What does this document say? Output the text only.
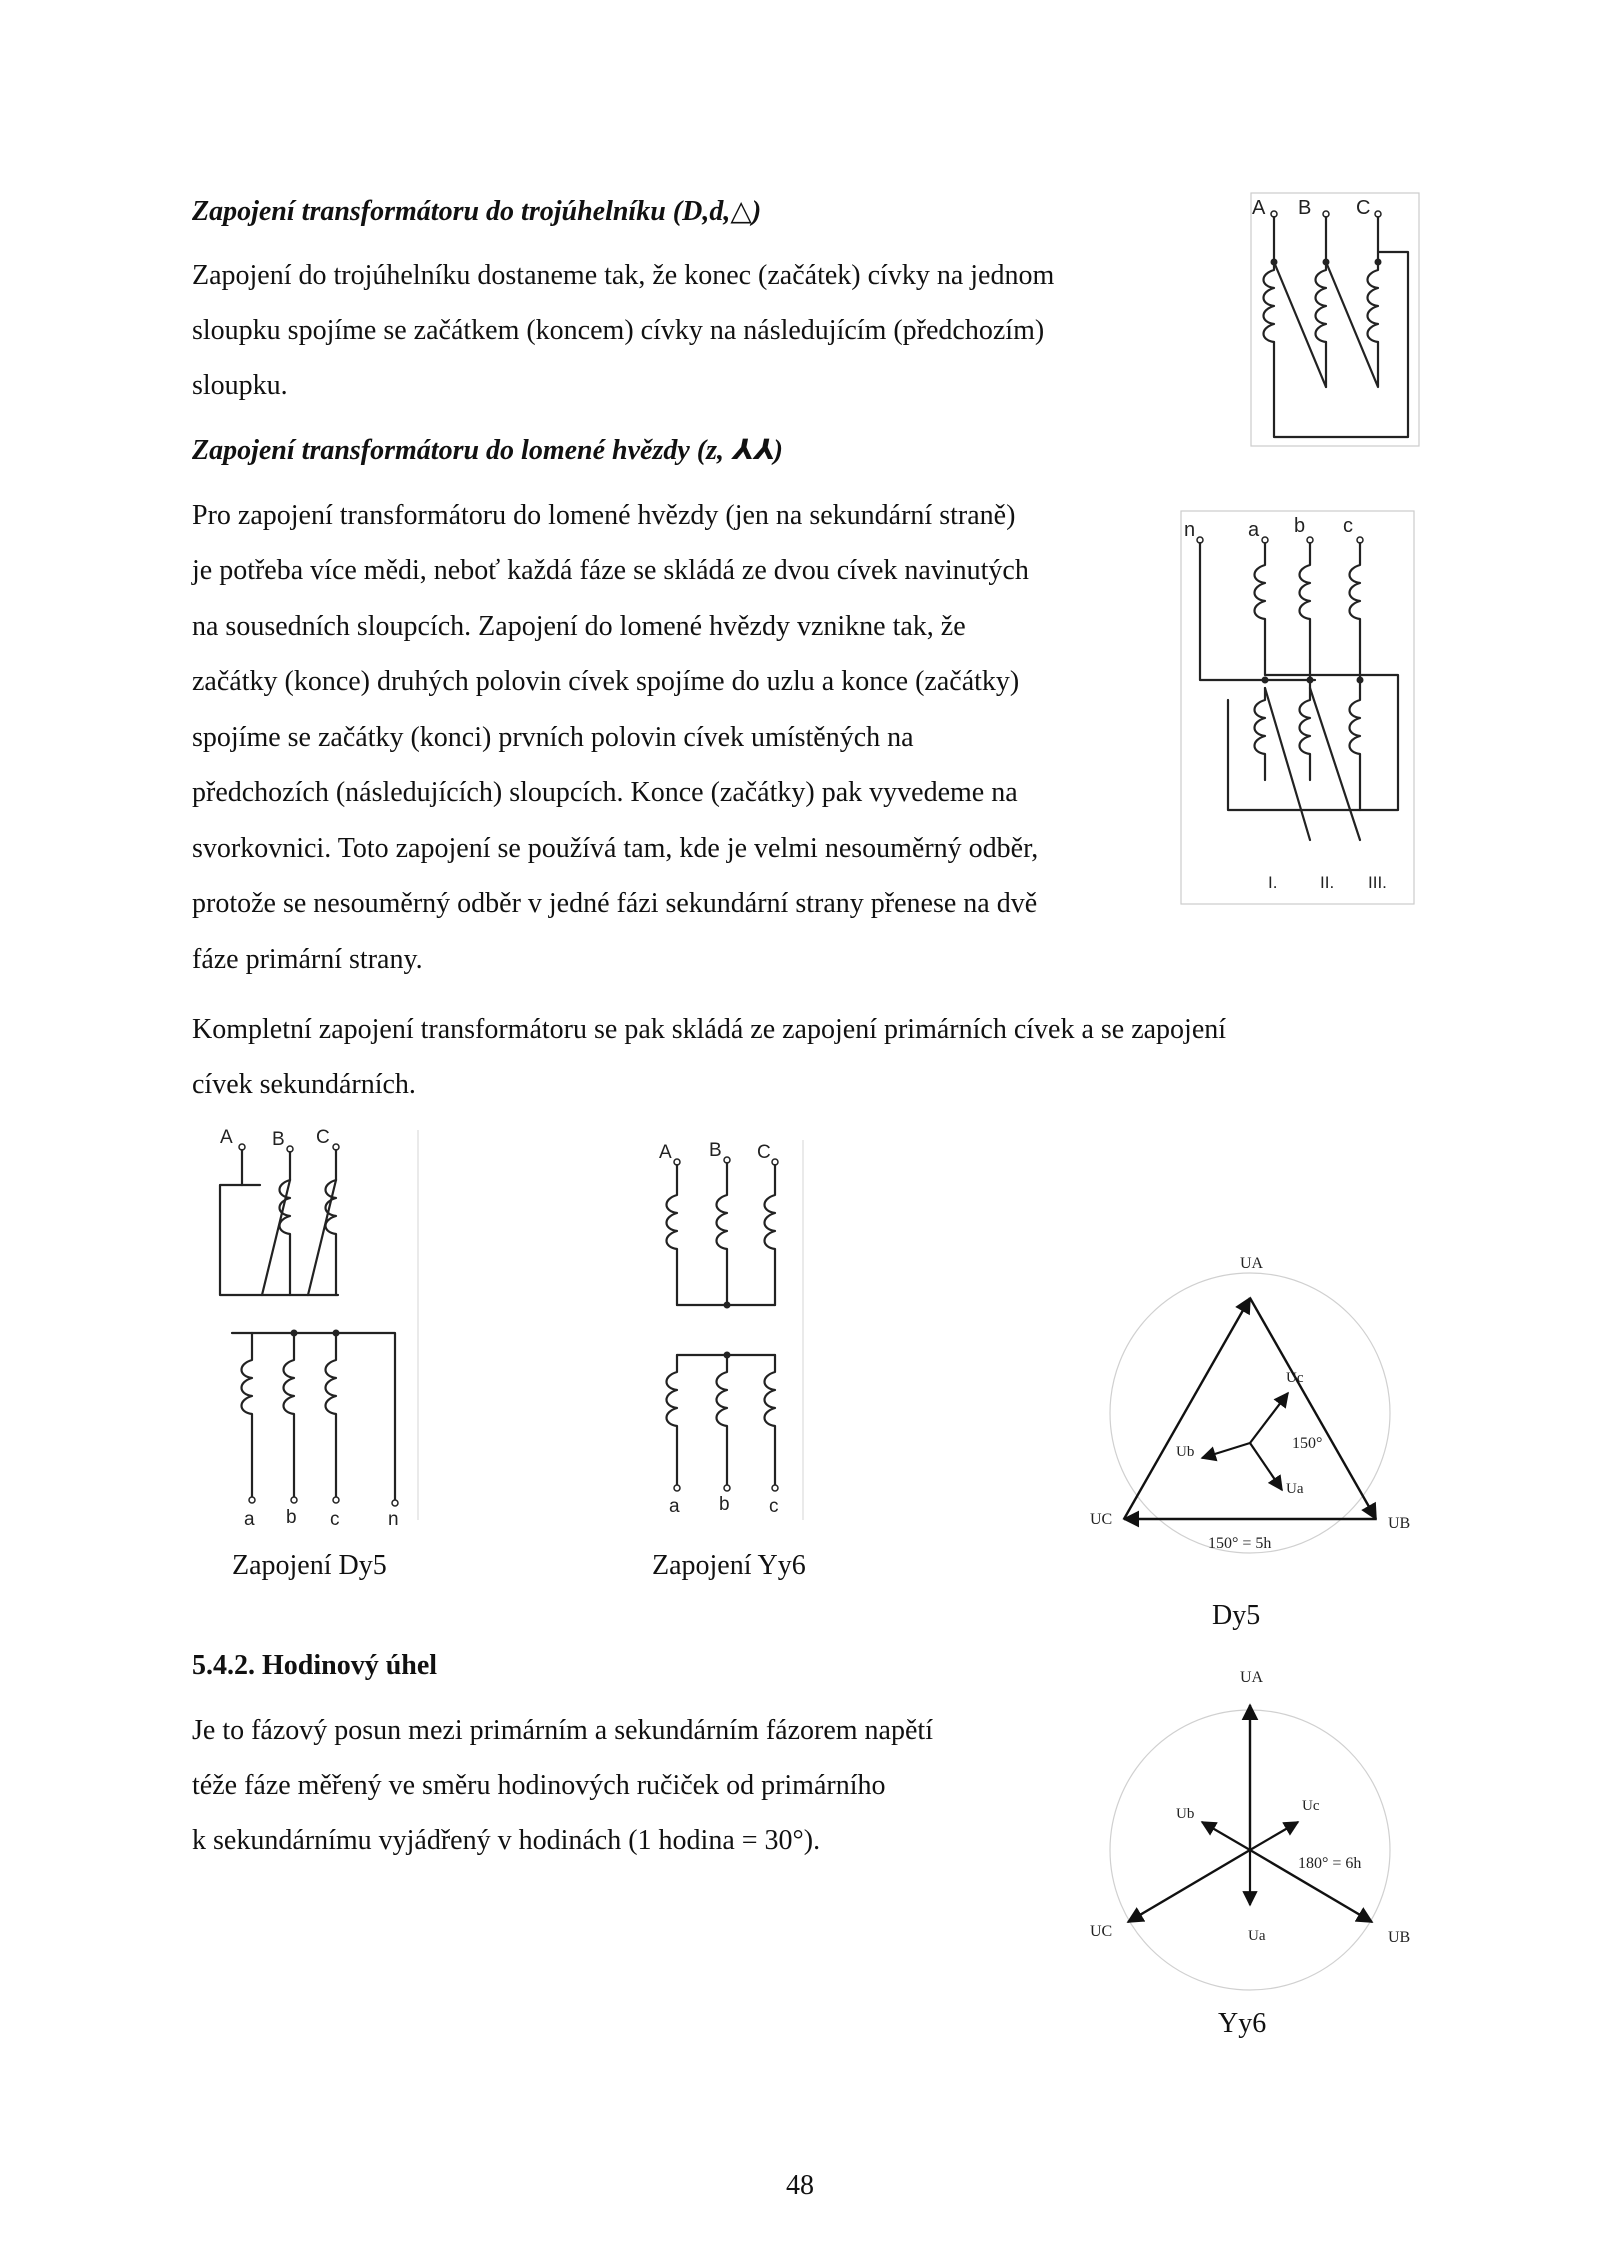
Zapojení transformátoru do trojúhelníku (D,d,△)
Zapojení do trojúhelníku dostaneme tak, že konec (začátek) cívky na jednom
sloupku spojíme se začátkem (koncem) cívky na následujícím (předchozím)
sloupku.
Zapojení transformátoru do lomené hvězdy (z, ⅄⅄)
Pro zapojení transformátoru do lomené hvězdy (jen na sekundární straně)
je potřeba více mědi, neboť každá fáze se skládá ze dvou cívek navinutých
na sousedních sloupcích. Zapojení do lomené hvězdy vznikne tak, že
začátky (konce) druhých polovin cívek spojíme do uzlu a konce (začátky)
spojíme se začátky (konci) prvních polovin cívek umístěných na
předchozích (následujících) sloupcích. Konce (začátky) pak vyvedeme na
svorkovnici. Toto zapojení se používá tam, kde je velmi nesouměrný odběr,
protože se nesouměrný odběr v jedné fázi sekundární strany přenese na dvě
fáze primární strany.
Kompletní zapojení transformátoru se pak skládá ze zapojení primárních cívek a se zapojení
cívek sekundárních.
A B C
n	a b c
I.	II. III.
A B C
a b c	n
Zapojení Dy5
A B C
a b c
Zapojení Yy6
UA
UB
UC
Uc
Ub
Ua
150°
150° = 5h
Dy5
5.4.2. Hodinový úhel
Je to fázový posun mezi primárním a sekundárním fázorem napětí
téže fáze měřený ve směru hodinových ručiček od primárního
k sekundárnímu vyjádřený v hodinách (1 hodina = 30°).
UA
UB
UC
Uc
Ub
Ua
180° = 6h
Yy6
48
